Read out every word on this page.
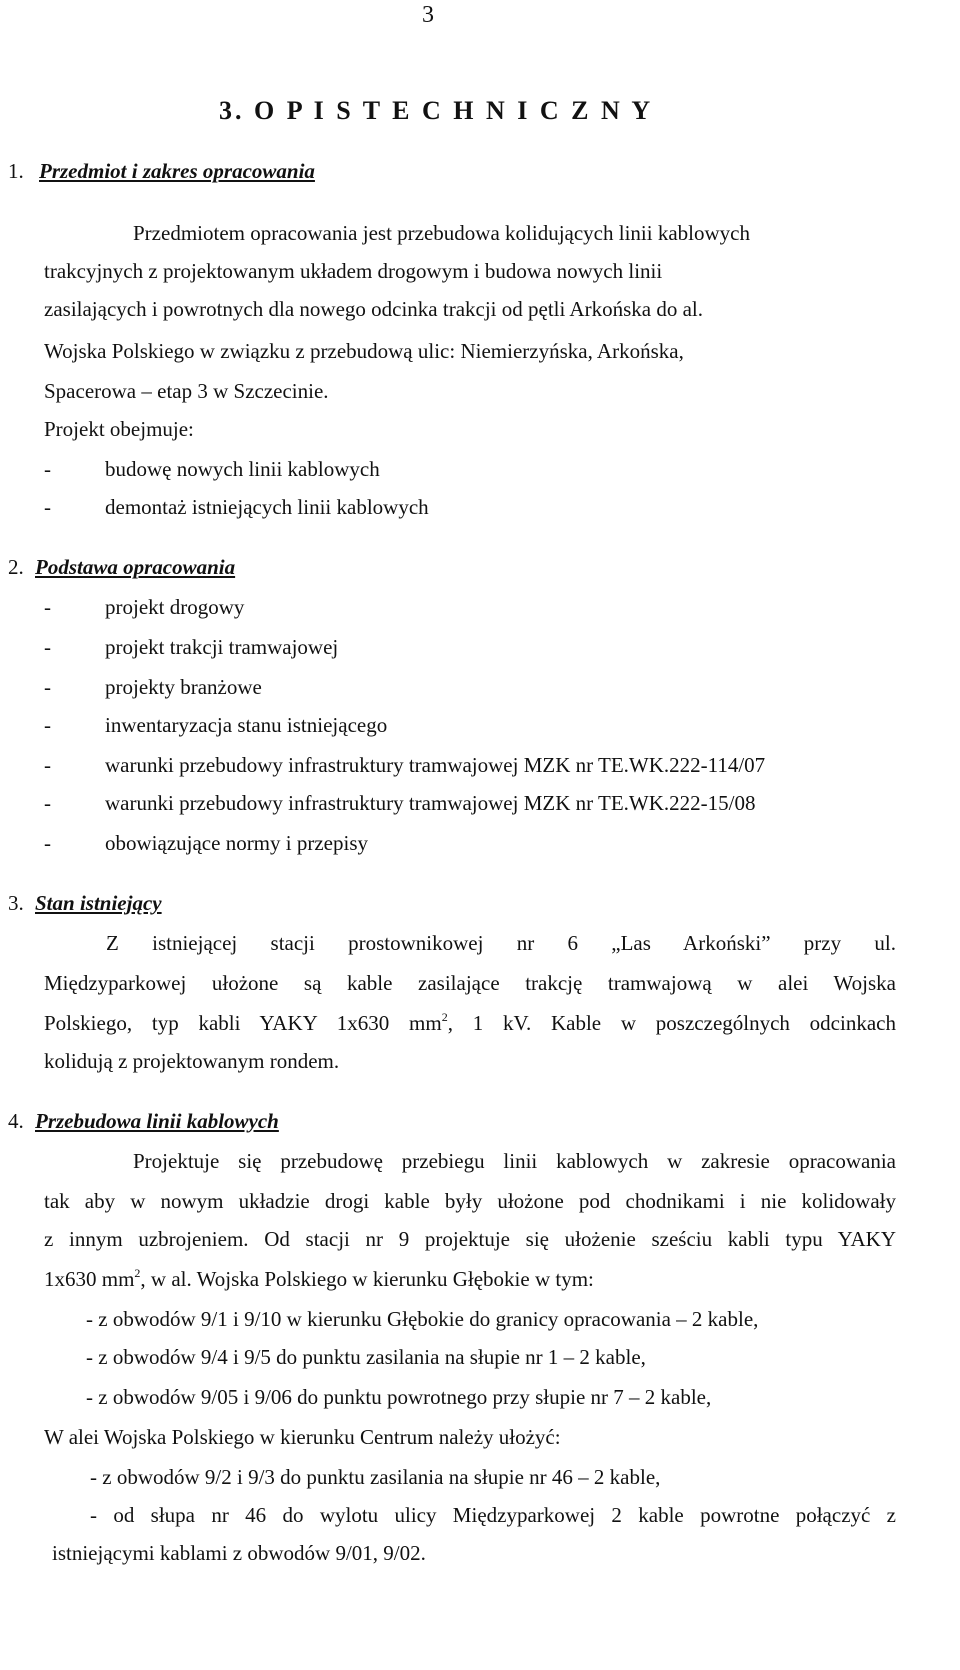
3
3. O P I S T E C H N I C Z N Y
1. Przedmiot i zakres opracowania
Przedmiotem opracowania jest przebudowa kolidujących linii kablowych
trakcyjnych z projektowanym układem drogowym i budowa nowych linii
zasilających i powrotnych dla nowego odcinka trakcji od pętli Arkońska do al.
Wojska Polskiego w związku z przebudową ulic: Niemierzyńska, Arkońska,
Spacerowa – etap 3 w Szczecinie.
Projekt obejmuje:
-	budowę nowych linii kablowych
-	demontaż istniejących linii kablowych
2. Podstawa opracowania
-	projekt drogowy
-	projekt trakcji tramwajowej
-	projekty branżowe
-	inwentaryzacja stanu istniejącego
-	warunki przebudowy infrastruktury tramwajowej MZK nr TE.WK.222-114/07
-	warunki przebudowy infrastruktury tramwajowej MZK nr TE.WK.222-15/08
-	obowiązujące normy i przepisy
3. Stan istniejący
Z istniejącej stacji prostownikowej nr 6 „Las Arkoński” przy ul.
Międzyparkowej ułożone są kable zasilające trakcję tramwajową w alei Wojska
Polskiego, typ kabli YAKY 1x630 $mm^2$, 1 kV. Kable w poszczególnych odcinkach
kolidują z projektowanym rondem.
4. Przebudowa linii kablowych
Projektuje się przebudowę przebiegu linii kablowych w zakresie opracowania
tak aby w nowym układzie drogi kable były ułożone pod chodnikami i nie kolidowały
z innym uzbrojeniem. Od stacji nr 9 projektuje się ułożenie sześciu kabli typu YAKY
1x630 $mm^2$, w al. Wojska Polskiego w kierunku Głębokie w tym:
- z obwodów 9/1 i 9/10 w kierunku Głębokie do granicy opracowania – 2 kable,
- z obwodów 9/4 i 9/5 do punktu zasilania na słupie nr 1 – 2 kable,
- z obwodów 9/05 i 9/06 do punktu powrotnego przy słupie nr 7 – 2 kable,
W alei Wojska Polskiego w kierunku Centrum należy ułożyć:
- z obwodów 9/2 i 9/3 do punktu zasilania na słupie nr 46 – 2 kable,
- od słupa nr 46 do wylotu ulicy Międzyparkowej 2 kable powrotne połączyć z
istniejącymi kablami z obwodów 9/01, 9/02.
